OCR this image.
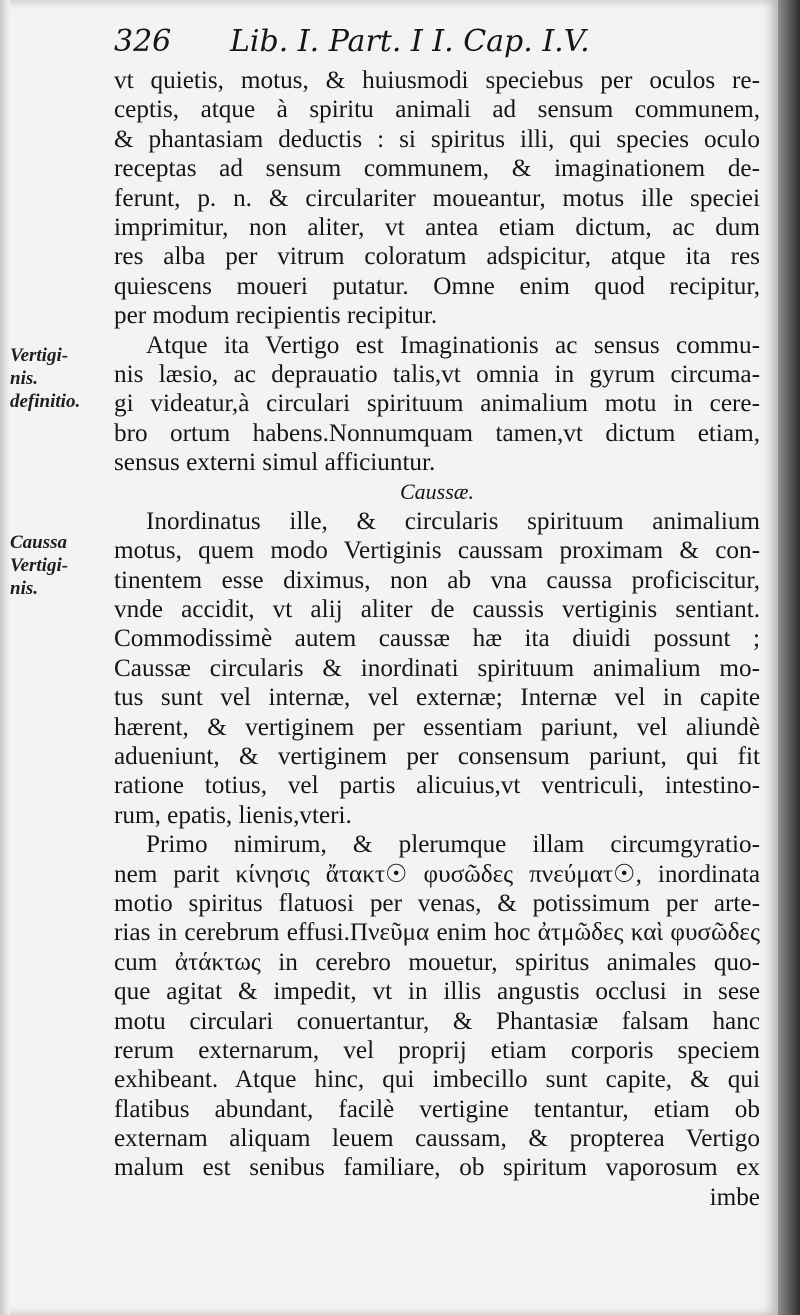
326 Lib. I. Part. I I. Cap. I.V.
Vertigi-
nis.
definitio.
Caussa
Vertigi-
nis.
vt quietis, motus, & huiusmodi speciebus per oculos re-
ceptis, atque à spiritu animali ad sensum communem,
& phantasiam deductis : si spiritus illi, qui species oculo
receptas ad sensum communem, & imaginationem de-
ferunt, p. n. & circulariter moueantur, motus ille speciei
imprimitur, non aliter, vt antea etiam dictum, ac dum
res alba per vitrum coloratum adspicitur, atque ita res
quiescens moueri putatur. Omne enim quod recipitur,
per modum recipientis recipitur.
Atque ita Vertigo est Imaginationis ac sensus commu-
nis læsio, ac deprauatio talis,vt omnia in gyrum circuma-
gi videatur,à circulari spirituum animalium motu in cere-
bro ortum habens.Nonnumquam tamen,vt dictum etiam,
sensus externi simul afficiuntur.
Caussæ.
Inordinatus ille, & circularis spirituum animalium
motus, quem modo Vertiginis caussam proximam & con-
tinentem esse diximus, non ab vna caussa proficiscitur,
vnde accidit, vt alij aliter de caussis vertiginis sentiant.
Commodissimè autem caussæ hæ ita diuidi possunt ;
Caussæ circularis & inordinati spirituum animalium mo-
tus sunt vel internæ, vel externæ; Internæ vel in capite
hærent, & vertiginem per essentiam pariunt, vel aliundè
adueniunt, & vertiginem per consensum pariunt, qui fit
ratione totius, vel partis alicuius,vt ventriculi, intestino-
rum, epatis, lienis,vteri.
Primo nimirum, & plerumque illam circumgyratio-
nem parit κίνησις ἄτακτ☉ φυσῶδες πνεύματ☉, inordinata
motio spiritus flatuosi per venas, & potissimum per arte-
rias in cerebrum effusi.Πνεῦμα enim hoc ἀτμῶδες καὶ φυσῶδες
cum ἀτάκτως in cerebro mouetur, spiritus animales quo-
que agitat & impedit, vt in illis angustis occlusi in sese
motu circulari conuertantur, & Phantasiæ falsam hanc
rerum externarum, vel proprij etiam corporis speciem
exhibeant. Atque hinc, qui imbecillo sunt capite, & qui
flatibus abundant, facilè vertigine tentantur, etiam ob
externam aliquam leuem caussam, & propterea Vertigo
malum est senibus familiare, ob spiritum vaporosum ex
imbe
